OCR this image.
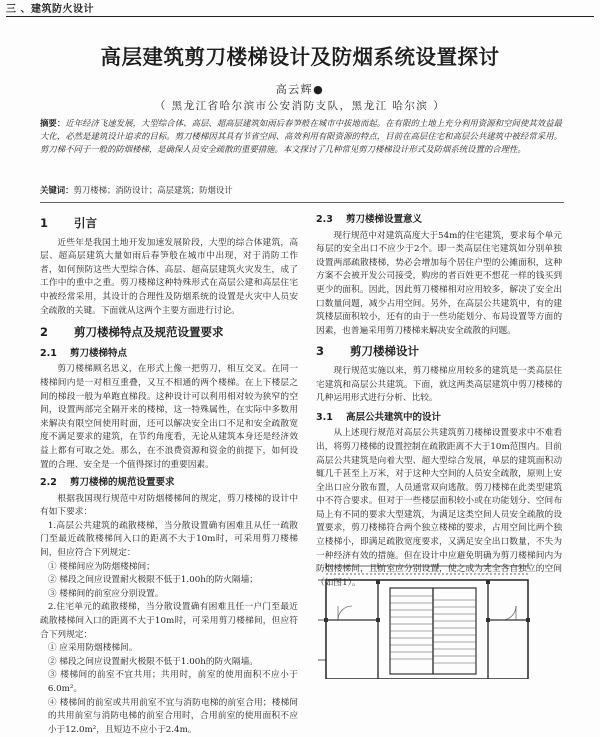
三 、建筑防火设计
高层建筑剪刀楼梯设计及防烟系统设置探讨
高云辉●
（ 黑龙江省哈尔滨市公安消防支队，黑龙江 哈尔滨 ）
摘要：近年经济飞速发展，大型综合体、高层、超高层建筑如雨后春笋般在城市中拔地而起。在有限的土地上充分利用资源和空间使其效益最大化，必然是建筑设计追求的目标。剪刀楼梯因其具有节省空间、高效利用有限资源的特点，目前在高层住宅和高层公共建筑中被经常采用。剪刀梯不同于一般的防烟楼梯，是确保人员安全疏散的重要措施。本文探讨了几种常见剪刀楼梯设计形式及防烟系统设置的合理性。
关键词：剪刀楼梯；消防设计；高层建筑；防烟设计
1 引言

近些年是我国土地开发加速发展阶段，大型的综合体建筑，高层、超高层建筑大量如雨后春笋般在城市中出现，对于消防工作者，如何预防这些大型综合体、高层、超高层建筑火灾发生，成了工作中的重中之重。剪刀楼梯这种特殊形式在高层公建和高层住宅中被经常采用，其设计的合理性及防烟系统的设置是火灾中人员安全疏散的关键。下面就从这两个主要方面进行讨论。

2 剪刀楼梯特点及规范设置要求
2.1 剪刀楼梯特点

剪刀楼梯顾名思义，在形式上像一把剪刀，相互交叉。在同一楼梯间内是一对相互重叠，又互不相通的两个楼梯。在上下楼层之间的梯段一般为单跑直梯段。这种设计可以利用相对较为狭窄的空间，设置两部完全隔开来的楼梯，这一特殊属性，在实际中多数用来解决有限空间使用时面，还可以解决安全出口不足和安全疏散宽度不满足要求的建筑，在节约角度看，无论从建筑本身还是经济效益上都有可取之处。那么，在不浪费资源和资金的前提下，如何设置的合理、安全是一个值得探讨的重要因素。

2.2 剪刀楼梯的规范设置要求

根据我国现行规范中对防烟楼梯间的规定，剪刀楼梯的设计中有如下要求：

1.高层公共建筑的疏散楼梯，当分散设置确有困难且从任一疏散门至最近疏散楼梯间入口的距离不大于10m时，可采用剪刀楼梯间，但应符合下列规定：

① 楼梯间应为防烟楼梯间；

② 梯段之间应设置耐火极限不低于1.00h的防火隔墙；

③ 楼梯间的前室应分别设置。

2.住宅单元的疏散楼梯，当分散设置确有困难且任一户门至最近疏散楼梯间入口的距离不大于10m时，可采用剪刀楼梯间，但应符合下列规定：

① 应采用防烟楼梯间。

② 梯段之间应设置耐火极限不低于1.00h的防火隔墙。

③ 楼梯间的前室不宜共用；共用时，前室的使用面积不应小于6.0m²。

④ 楼梯间的前室或共用前室不宜与消防电梯的前室合用；楼梯间的共用前室与消防电梯的前室合用时，合用前室的使用面积不应小于12.0m²，且短边不应小于2.4m。

2.3 剪刀楼梯设置意义

现行规范中对建筑高度大于54m的住宅建筑，要求每个单元每层的安全出口不应少于2个。即一类高层住宅建筑如分别单独设置两部疏散楼梯，势必会增加每个居住户型的公摊面积，这种方案不会被开发公司接受，购房的者百姓更不想花一样的钱买到更少的面积。因此，因此剪刀楼梯相对应用较多，解决了安全出口数量问题，减少占用空间。另外，在高层公共建筑中，有的建筑楼层面积较小，还有的由于一些功能划分、布局设置等方面的因素，也普遍采用剪刀楼梯来解决安全疏散的问题。

3 剪刀楼梯设计

现行规范实施以来，剪刀楼梯应用较多的建筑是一类高层住宅建筑和高层公共建筑。下面，就这两类高层建筑中剪刀楼梯的几种运用形式进行分析、比较。

3.1 高层公共建筑中的设计

从上述现行规范对高层公共建筑剪刀楼梯设置要求中不难看出，将剪刀楼梯的设置控制在疏散距离不大于10m范围内。目前高层公共建筑是向着大型、超大型综合发展，单层的建筑面积动辄几千甚至上万米，对于这种大空间的人员安全疏散，原则上安全出口应分散布置，人员通常双向逃散。剪刀楼梯在此类型建筑中不符合要求。但对于一些楼层面积较小或在功能划分、空间布局上有不同的要求大型建筑，为满足这类空间人员安全疏散的设置要求，剪刀楼梯符合两个独立楼梯的要求，占用空间比两个独立楼梯小，即满足疏散宽度要求，又满足安全出口数量，不失为一种经济有效的措施。但在设计中应避免明确为剪刀楼梯间内为防烟楼梯间，且前室应分别设置，使之成为完全各自独立的空间（如图1）。
